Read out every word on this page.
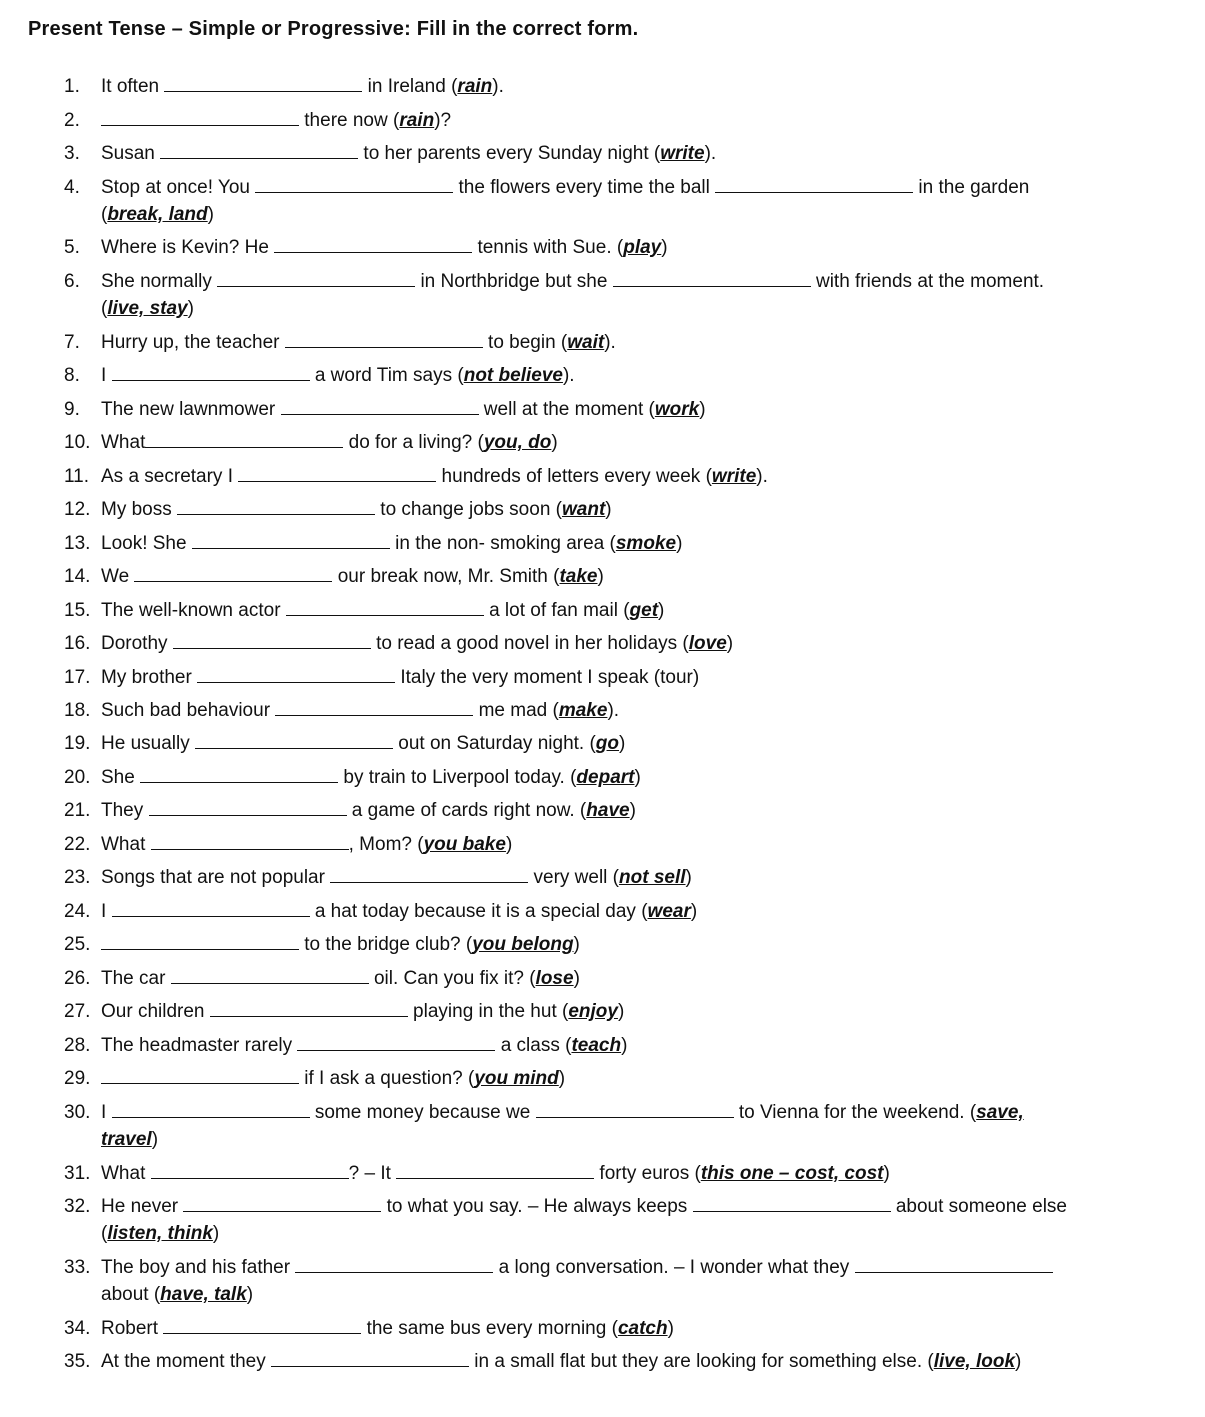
Present Tense – Simple or Progressive: Fill in the correct form.
1.	It often	in Ireland (rain).
2.	there now (rain)?
3.	Susan	to her parents every Sunday night (write).
4.	Stop at once! You	the flowers every time the ball	in the garden (break, land)
5.	Where is Kevin? He	tennis with Sue. (play)
6.	She normally	in Northbridge but she	with friends at the moment. (live, stay)
7.	Hurry up, the teacher	to begin (wait).
8.	I	a word Tim says (not believe).
9.	The new lawnmower	well at the moment (work)
10. What	do for a living? (you, do)
11. As a secretary I	hundreds of letters every week (write).
12. My boss	to change jobs soon (want)
13. Look! She	in the non- smoking area (smoke)
14. We	our break now, Mr. Smith (take)
15. The well-known actor	a lot of fan mail (get)
16. Dorothy	to read a good novel in her holidays (love)
17. My brother	Italy the very moment I speak (tour)
18. Such bad behaviour	me mad (make).
19. He usually	out on Saturday night. (go)
20. She	by train to Liverpool today. (depart)
21. They	a game of cards right now. (have)
22. What	, Mom? (you bake)
23. Songs that are not popular	very well (not sell)
24. I	a hat today because it is a special day (wear)
25.	to the bridge club? (you belong)
26. The car	oil. Can you fix it? (lose)
27. Our children	playing in the hut (enjoy)
28. The headmaster rarely	a class (teach)
29.	if I ask a question? (you mind)
30. I	some money because we	to Vienna for the weekend. (save, travel)
31. What	? – It	forty euros (this one – cost, cost)
32. He never	to what you say. – He always keeps	about someone else (listen, think)
33. The boy and his father	a long conversation. – I wonder what they  about (have, talk)
34. Robert	the same bus every morning (catch)
35. At the moment they	in a small flat but they are looking for something else. (live, look)
